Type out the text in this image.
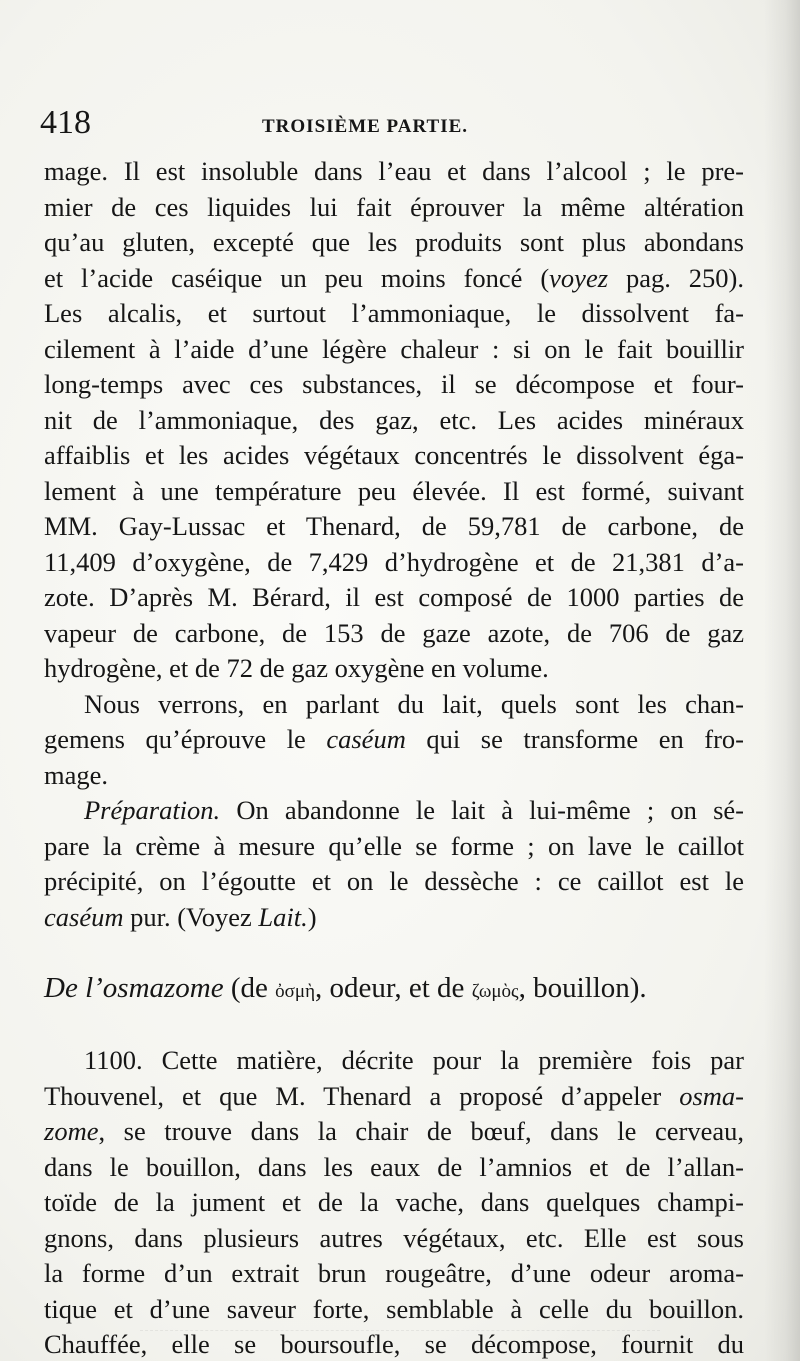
418	TROISIÈME PARTIE.

mage. Il est insoluble dans l’eau et dans l’alcool ; le pre-
mier de ces liquides lui fait éprouver la même altération
qu’au gluten, excepté que les produits sont plus abondans
et l’acide caséique un peu moins foncé (voyez pag. 250).
Les alcalis, et surtout l’ammoniaque, le dissolvent fa-
cilement à l’aide d’une légère chaleur : si on le fait bouillir
long-temps avec ces substances, il se décompose et four-
nit de l’ammoniaque, des gaz, etc. Les acides minéraux
affaiblis et les acides végétaux concentrés le dissolvent éga-
lement à une température peu élevée. Il est formé, suivant
MM. Gay-Lussac et Thenard, de 59,781 de carbone, de
11,409 d’oxygène, de 7,429 d’hydrogène et de 21,381 d’a-
zote. D’après M. Bérard, il est composé de 1000 parties de
vapeur de carbone, de 153 de gaze azote, de 706 de gaz
hydrogène, et de 72 de gaz oxygène en volume.

Nous verrons, en parlant du lait, quels sont les chan-
gemens qu’éprouve le caséum qui se transforme en fro-
mage.

Préparation. On abandonne le lait à lui-même ; on sé-
pare la crème à mesure qu’elle se forme ; on lave le caillot
précipité, on l’égoutte et on le dessèche : ce caillot est le
caséum pur. (Voyez Lait.)

De l’osmazome (de ὀσμὴ, odeur, et de ζωμὸς, bouillon).

1100. Cette matière, décrite pour la première fois par
Thouvenel, et que M. Thenard a proposé d’appeler osma-
zome, se trouve dans la chair de bœuf, dans le cerveau,
dans le bouillon, dans les eaux de l’amnios et de l’allan-
toïde de la jument et de la vache, dans quelques champi-
gnons, dans plusieurs autres végétaux, etc. Elle est sous
la forme d’un extrait brun rougeâtre, d’une odeur aroma-
tique et d’une saveur forte, semblable à celle du bouillon.
Chauffée, elle se boursoufle, se décompose, fournit du
